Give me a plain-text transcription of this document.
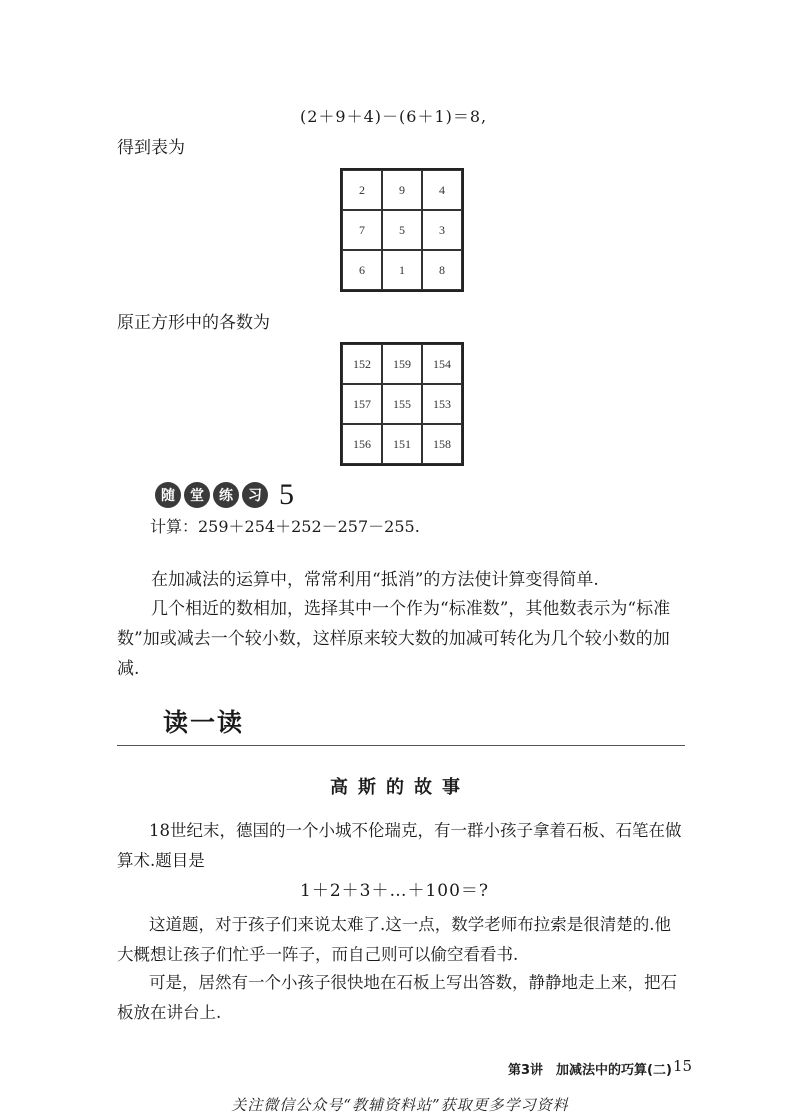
(2＋9＋4)－(6＋1)＝8,
得到表为
2	9	4
7	5	3
6	1	8
原正方形中的各数为
152	159	154
157	155	153
156	151	158
随	堂	练	习 5
计算：259＋254＋252－257－255.
在加减法的运算中，常常利用“抵消”的方法使计算变得简单.
几个相近的数相加，选择其中一个作为“标准数”，其他数表示为“标准数”加或减去一个较小数，这样原来较大数的加减可转化为几个较小数的加减.
读一读
高斯的故事
18世纪末，德国的一个小城不伦瑞克，有一群小孩子拿着石板、石笔在做算术.题目是
1＋2＋3＋…＋100＝?
这道题，对于孩子们来说太难了.这一点，数学老师布拉索是很清楚的.他大概想让孩子们忙乎一阵子，而自己则可以偷空看看书.
可是，居然有一个小孩子很快地在石板上写出答数，静静地走上来，把石板放在讲台上.
第3讲　加减法中的巧算(二) 15
关注微信公众号“教辅资料站”获取更多学习资料
